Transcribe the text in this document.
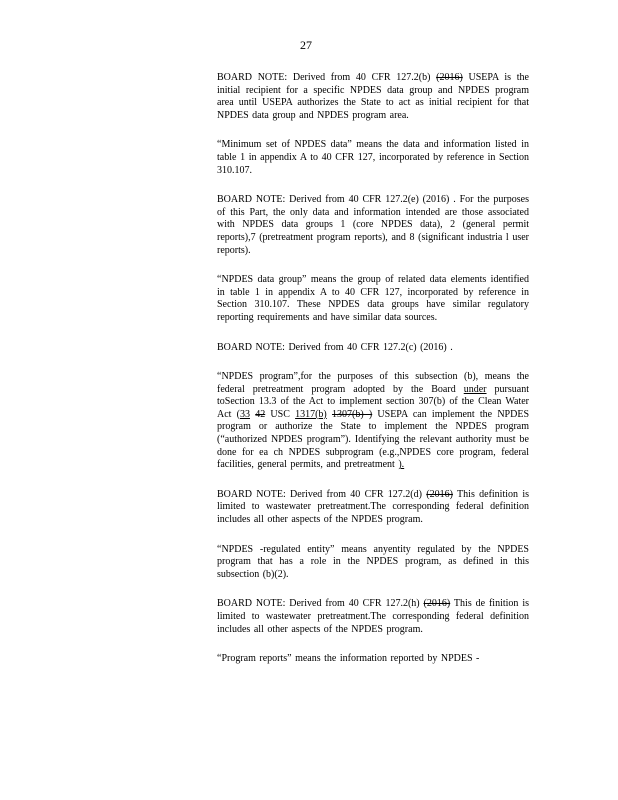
27

BOARD NOTE: Derived from 40 CFR 127.2(b) (2016) USEPA is the initial recipient for a specific NPDES data group and NPDES program area until USEPA authorizes the State to act as initial recipient for that NPDES data group and NPDES program area.

“Minimum set of NPDES data” means the data and information listed in table 1 in appendix A to 40 CFR 127, incorporated by reference in Section 310.107.

BOARD NOTE: Derived from 40 CFR 127.2(e) (2016) . For the purposes of this Part, the only data and information intended are those associated with NPDES data groups 1 (core NPDES data), 2 (general permit reports),7 (pretreatment program reports), and 8 (significant industria l user reports).

“NPDES data group” means the group of related data elements identified in table 1 in appendix A to 40 CFR 127, incorporated by reference in Section 310.107. These NPDES data groups have similar regulatory reporting requirements and have similar data sources.

BOARD NOTE: Derived from 40 CFR 127.2(c) (2016) .

“NPDES program”,for the purposes of this subsection (b), means the federal pretreatment program adopted by the Board under pursuant toSection 13.3 of the Act to implement section 307(b) of the Clean Water Act (33 42 USC 1317(b) 1307(b) ) USEPA can implement the NPDES program or authorize the State to implement the NPDES program (“authorized NPDES program”). Identifying the relevant authority must be done for ea ch NPDES subprogram (e.g.,NPDES core program, federal facilities, general permits, and pretreatment ).

BOARD NOTE: Derived from 40 CFR 127.2(d) (2016) This definition is limited to wastewater pretreatment.The corresponding federal definition includes all other aspects of the NPDES program.

“NPDES -regulated entity” means anyentity regulated by the NPDES program that has a role in the NPDES program, as defined in this subsection (b)(2).

BOARD NOTE: Derived from 40 CFR 127.2(h) (2016) This de finition is limited to wastewater pretreatment.The corresponding federal definition includes all other aspects of the NPDES program.

“Program reports” means the information reported by NPDES -
